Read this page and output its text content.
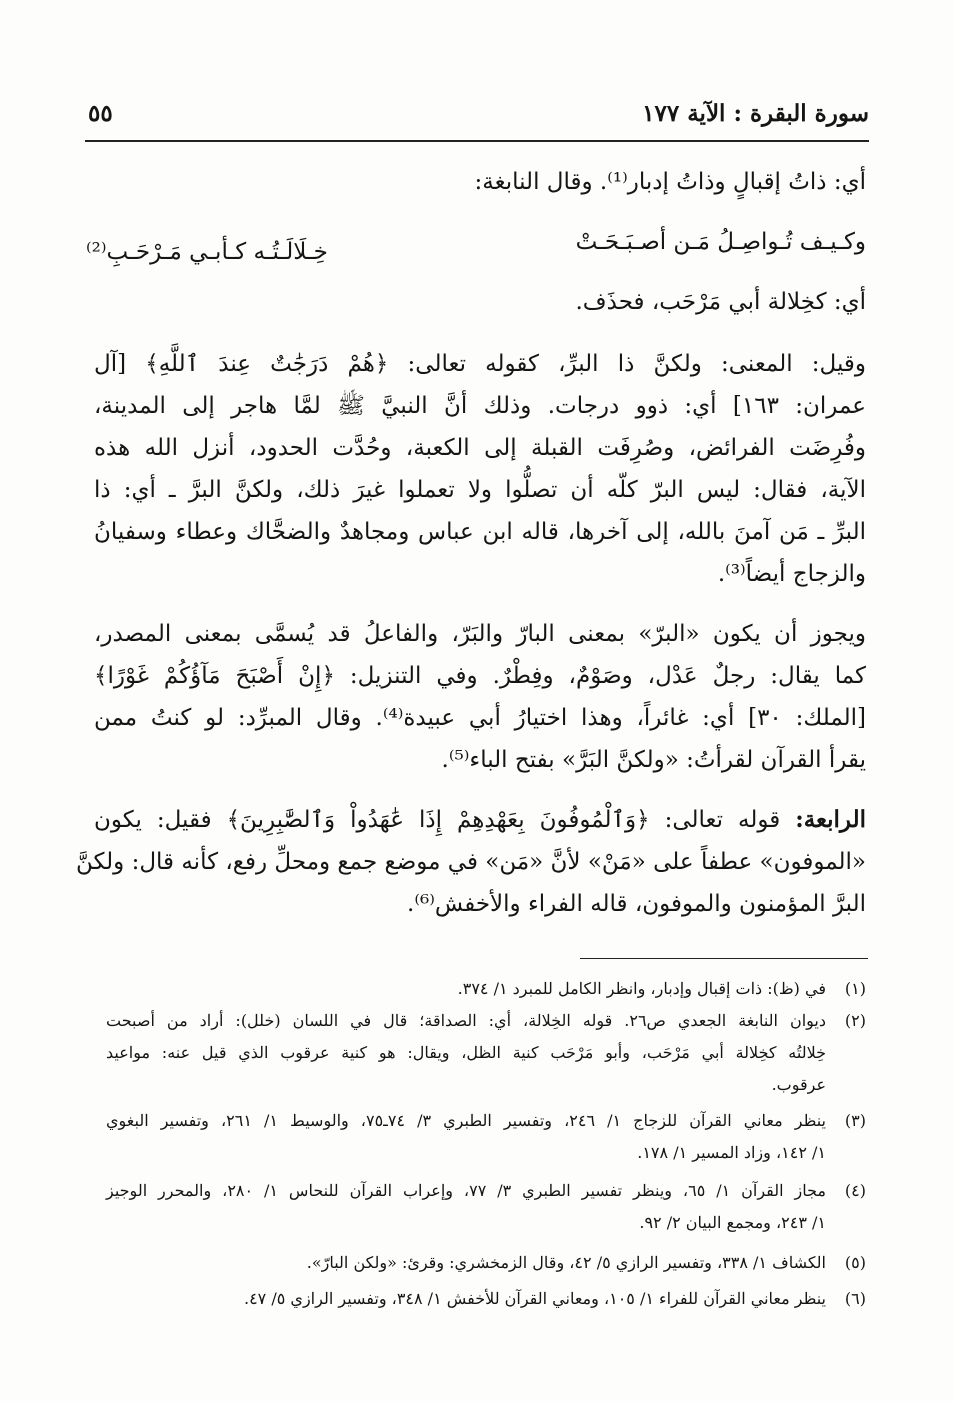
سورة البقرة : الآية ١٧٧
٥٥
أي: ذاتُ إقبالٍ وذاتُ إدبار⁽¹⁾. وقال النابغة:
وكـيـف تُـواصِـلُ مَـن أصـبَـحَـتْ
خِـلَالَـتُـه كـأبـي مَـرْحَـبِ⁽²⁾
أي: كخِلالة أبي مَرْحَب، فحذَف.
وقيل: المعنى: ولكنَّ ذا البرِّ، كقوله تعالى: ﴿هُمْ دَرَجَٰتٌ عِندَ ٱللَّهِ﴾ [آل
عمران: ١٦٣] أي: ذوو درجات. وذلك أنَّ النبيَّ ﷺ لمَّا هاجر إلى المدينة،
وفُرِضَت الفرائض، وصُرِفَت القبلة إلى الكعبة، وحُدَّت الحدود، أنزل الله هذه
الآية، فقال: ليس البرّ كلّه أن تصلُّوا ولا تعملوا غيرَ ذلك، ولكنَّ البرَّ ـ أي: ذا
البرِّ ـ مَن آمنَ بالله، إلى آخرها، قاله ابن عباس ومجاهدٌ والضحَّاك وعطاء وسفيانُ
والزجاج أيضاً⁽³⁾.
ويجوز أن يكون «البرّ» بمعنى البارّ والبَرّ، والفاعلُ قد يُسمَّى بمعنى المصدر،
كما يقال: رجلٌ عَدْل، وصَوْمٌ، وفِطْرٌ. وفي التنزيل: ﴿إِنْ أَصْبَحَ مَآؤُكُمْ غَوْرًا﴾
[الملك: ٣٠] أي: غائراً، وهذا اختيارُ أبي عبيدة⁽⁴⁾. وقال المبرِّد: لو كنتُ ممن
يقرأ القرآن لقرأتُ: «ولكنَّ البَرَّ» بفتح الباء⁽⁵⁾.
الرابعة: قوله تعالى: ﴿وَٱلْمُوفُونَ بِعَهْدِهِمْ إِذَا عَٰهَدُواْ وَٱلصَّٰبِرِينَ﴾ فقيل: يكون
«الموفون» عطفاً على «مَنْ» لأنَّ «مَن» في موضع جمع ومحلِّ رفع، كأنه قال: ولكنَّ
البرَّ المؤمنون والموفون، قاله الفراء والأخفش⁽⁶⁾.
(١)في (ظ): ذات إقبال وإدبار، وانظر الكامل للمبرد ١/ ٣٧٤.
(٢)ديوان النابغة الجعدي ص٢٦. قوله الخِلالة، أي: الصداقة؛ قال في اللسان (خلل): أراد من أصبحت
خِلالتُه كخِلالة أبي مَرْحَب، وأبو مَرْحَب كنية الظل، ويقال: هو كنية عرقوب الذي قيل عنه: مواعيد
عرقوب.
(٣)ينظر معاني القرآن للزجاج ١/ ٢٤٦، وتفسير الطبري ٣/ ٧٤ـ٧٥، والوسيط ١/ ٢٦١، وتفسير البغوي
١/ ١٤٢، وزاد المسير ١/ ١٧٨.
(٤)مجاز القرآن ١/ ٦٥، وينظر تفسير الطبري ٣/ ٧٧، وإعراب القرآن للنحاس ١/ ٢٨٠، والمحرر الوجيز
١/ ٢٤٣، ومجمع البيان ٢/ ٩٢.
(٥)الكشاف ١/ ٣٣٨، وتفسير الرازي ٥/ ٤٢، وقال الزمخشري: وقرئ: «ولكن البارّ».
(٦)ينظر معاني القرآن للفراء ١/ ١٠٥، ومعاني القرآن للأخفش ١/ ٣٤٨، وتفسير الرازي ٥/ ٤٧.
